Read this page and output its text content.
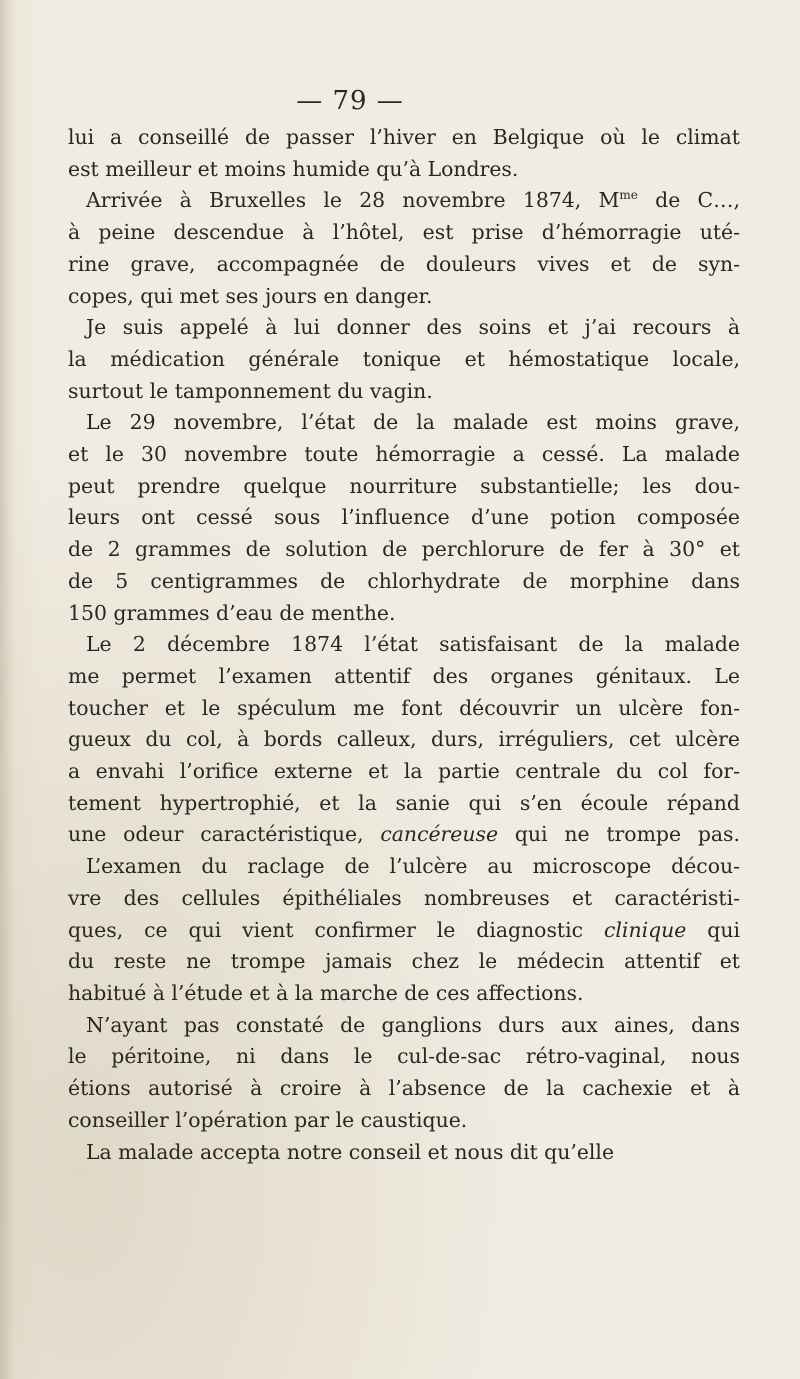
— 79 —
lui a conseillé de passer l’hiver en Belgique où le climat
est meilleur et moins humide qu’à Londres.
Arrivée à Bruxelles le 28 novembre 1874, $M^{me}$ de C…,
à peine descendue à l’hôtel, est prise d’hémorragie uté-
rine grave, accompagnée de douleurs vives et de syn-
copes, qui met ses jours en danger.
Je suis appelé à lui donner des soins et j’ai recours à
la médication générale tonique et hémostatique locale,
surtout le tamponnement du vagin.
Le 29 novembre, l’état de la malade est moins grave,
et le 30 novembre toute hémorragie a cessé. La malade
peut prendre quelque nourriture substantielle; les dou-
leurs ont cessé sous l’influence d’une potion composée
de 2 grammes de solution de perchlorure de fer à 30° et
de 5 centigrammes de chlorhydrate de morphine dans
150 grammes d’eau de menthe.
Le 2 décembre 1874 l’état satisfaisant de la malade
me permet l’examen attentif des organes génitaux. Le
toucher et le spéculum me font découvrir un ulcère fon-
gueux du col, à bords calleux, durs, irréguliers, cet ulcère
a envahi l’orifice externe et la partie centrale du col for-
tement hypertrophié, et la sanie qui s’en écoule répand
une odeur caractéristique, cancéreuse qui ne trompe pas.
L’examen du raclage de l’ulcère au microscope décou-
vre des cellules épithéliales nombreuses et caractéristi-
ques, ce qui vient confirmer le diagnostic clinique qui
du reste ne trompe jamais chez le médecin attentif et
habitué à l’étude et à la marche de ces affections.
N’ayant pas constaté de ganglions durs aux aines, dans
le péritoine, ni dans le cul-de-sac rétro-vaginal, nous
étions autorisé à croire à l’absence de la cachexie et à
conseiller l’opération par le caustique.
La malade accepta notre conseil et nous dit qu’elle
